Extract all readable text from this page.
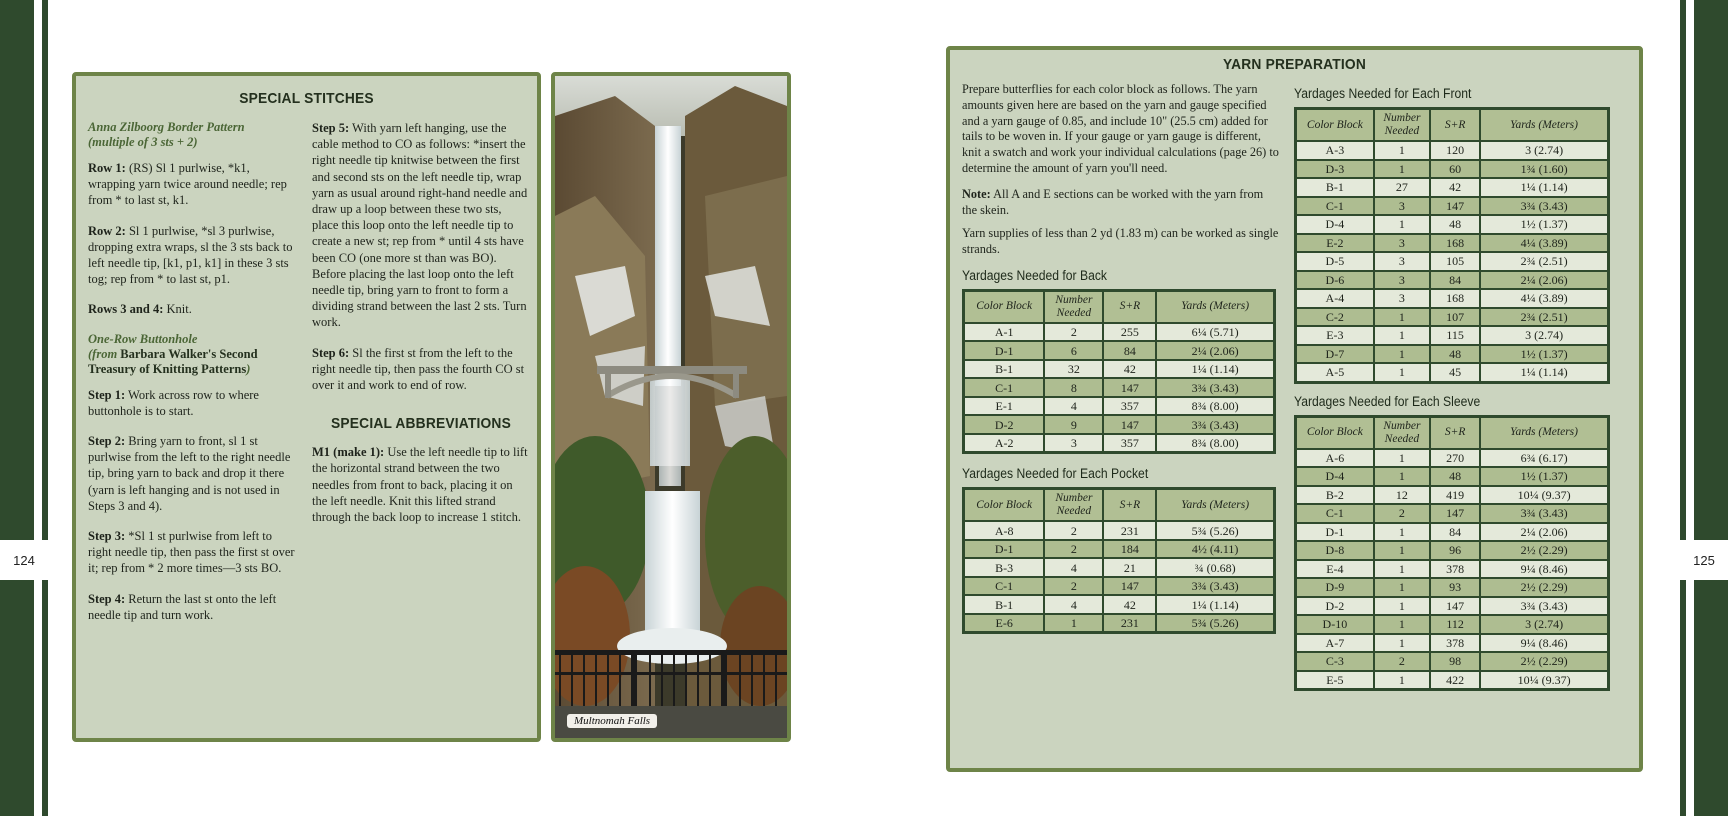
124	125
SPECIAL STITCHES

Anna Zilboorg Border Pattern

(multiple of 3 sts + 2)

Row 1: (RS) Sl 1 purlwise, *k1, wrapping yarn twice around needle; rep from * to last st, k1.

Row 2: Sl 1 purlwise, *sl 3 purlwise, dropping extra wraps, sl the 3 sts back to left needle tip, [k1, p1, k1] in these 3 sts tog; rep from * to last st, p1.

Rows 3 and 4: Knit.

One-Row Buttonhole

(from Barbara Walker's Second Treasury of Knitting Patterns)

Step 1: Work across row to where buttonhole is to start.

Step 2: Bring yarn to front, sl 1 st purlwise from the left to the right needle tip, bring yarn to back and drop it there (yarn is left hanging and is not used in Steps 3 and 4).

Step 3: *Sl 1 st purlwise from left to right needle tip, then pass the first st over it; rep from * 2 more times—3 sts BO.

Step 4: Return the last st onto the left needle tip and turn work.

Step 5: With yarn left hanging, use the cable method to CO as follows: *insert the right needle tip knitwise between the first and second sts on the left needle tip, wrap yarn as usual around right-hand needle and draw up a loop between these two sts, place this loop onto the left needle tip to create a new st; rep from * until 4 sts have been CO (one more st than was BO). Before placing the last loop onto the left needle tip, bring yarn to front to form a dividing strand between the last 2 sts. Turn work.

Step 6: Sl the first st from the left to the right needle tip, then pass the fourth CO st over it and work to end of row.

SPECIAL ABBREVIATIONS

M1 (make 1): Use the left needle tip to lift the horizontal strand between the two needles from front to back, placing it on the left needle. Knit this lifted strand through the back loop to increase 1 stitch.

Multnomah Falls
YARN PREPARATION

Prepare butterflies for each color block as follows. The yarn amounts given here are based on the yarn and gauge specified and a yarn gauge of 0.85, and include 10" (25.5 cm) added for tails to be woven in. If your gauge or yarn gauge is different, knit a swatch and work your individual calculations (page 26) to determine the amount of yarn you'll need.

Note: All A and E sections can be worked with the yarn from the skein.

Yarn supplies of less than 2 yd (1.83 m) can be worked as single strands.

Yardages Needed for Back
Color Block	Number Needed	S+R	Yards (Meters)
A-1	2	255	6¼ (5.71)
D-1	6	84	2¼ (2.06)
B-1	32	42	1¼ (1.14)
C-1	8	147	3¾ (3.43)
E-1	4	357	8¾ (8.00)
D-2	9	147	3¾ (3.43)
A-2	3	357	8¾ (8.00)
Yardages Needed for Each Pocket
Color Block	Number Needed	S+R	Yards (Meters)
A-8	2	231	5¾ (5.26)
D-1	2	184	4½ (4.11)
B-3	4	21	¾ (0.68)
C-1	2	147	3¾ (3.43)
B-1	4	42	1¼ (1.14)
E-6	1	231	5¾ (5.26)
Yardages Needed for Each Front
Color Block	Number Needed	S+R	Yards (Meters)
A-3	1	120	3 (2.74)
D-3	1	60	1¾ (1.60)
B-1	27	42	1¼ (1.14)
C-1	3	147	3¾ (3.43)
D-4	1	48	1½ (1.37)
E-2	3	168	4¼ (3.89)
D-5	3	105	2¾ (2.51)
D-6	3	84	2¼ (2.06)
A-4	3	168	4¼ (3.89)
C-2	1	107	2¾ (2.51)
E-3	1	115	3 (2.74)
D-7	1	48	1½ (1.37)
A-5	1	45	1¼ (1.14)
Yardages Needed for Each Sleeve
Color Block	Number Needed	S+R	Yards (Meters)
A-6	1	270	6¾ (6.17)
D-4	1	48	1½ (1.37)
B-2	12	419	10¼ (9.37)
C-1	2	147	3¾ (3.43)
D-1	1	84	2¼ (2.06)
D-8	1	96	2½ (2.29)
E-4	1	378	9¼ (8.46)
D-9	1	93	2½ (2.29)
D-2	1	147	3¾ (3.43)
D-10	1	112	3 (2.74)
A-7	1	378	9¼ (8.46)
C-3	2	98	2½ (2.29)
E-5	1	422	10¼ (9.37)
